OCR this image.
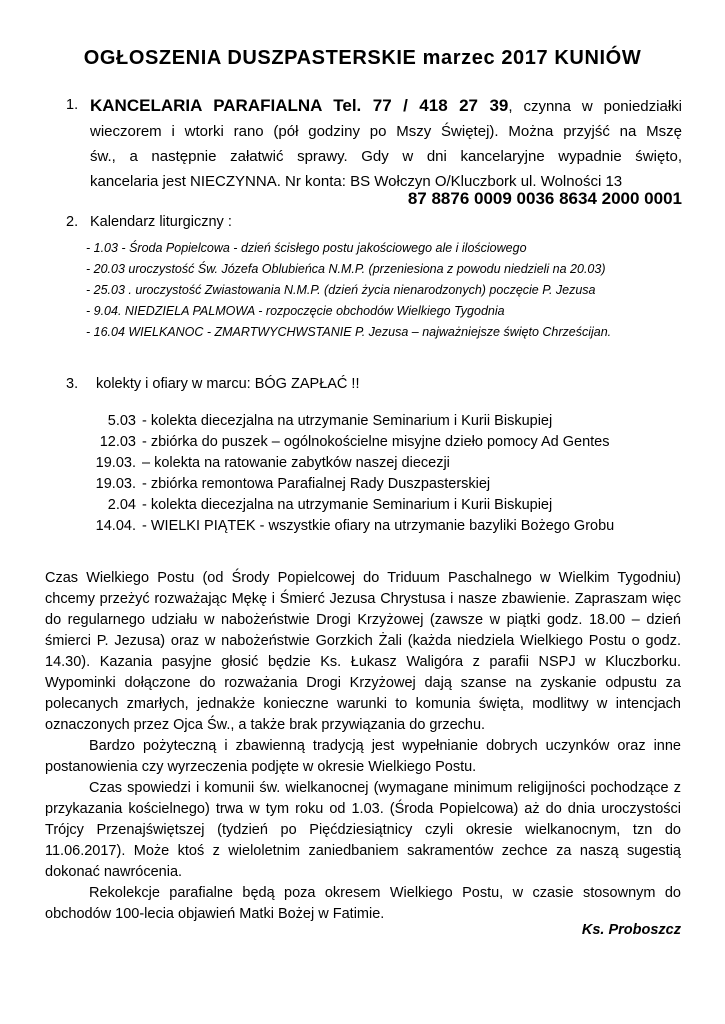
OGŁOSZENIA DUSZPASTERSKIE marzec 2017 KUNIÓW
1. KANCELARIA PARAFIALNA Tel. 77 / 418 27 39, czynna w poniedziałki
wieczorem i wtorki rano (pół godziny po Mszy Świętej). Można przyjść na Mszę
św., a następnie załatwić sprawy. Gdy w dni kancelaryjne wypadnie święto,
kancelaria jest NIECZYNNA. Nr konta: BS Wołczyn O/Kluczbork ul. Wolności 13
87 8876 0009 0036 8634 2000 0001
2. Kalendarz liturgiczny :
- 1.03 - Środa Popielcowa - dzień ścisłego postu jakościowego ale i ilościowego
- 20.03 uroczystość Św. Józefa Oblubieńca N.M.P. (przeniesiona z powodu niedzieli na 20.03)
- 25.03 . uroczystość Zwiastowania N.M.P. (dzień życia nienarodzonych) poczęcie P. Jezusa
- 9.04. NIEDZIELA PALMOWA - rozpoczęcie obchodów Wielkiego Tygodnia
- 16.04 WIELKANOC - ZMARTWYCHWSTANIE P. Jezusa – najważniejsze święto Chrześcijan.
3. kolekty i ofiary w marcu: BÓG ZAPŁAĆ !!
5.03 - kolekta diecezjalna na utrzymanie Seminarium i Kurii Biskupiej
12.03 - zbiórka do puszek – ogólnokościelne misyjne dzieło pomocy Ad Gentes
19.03. – kolekta na ratowanie zabytków naszej diecezji
19.03. - zbiórka remontowa Parafialnej Rady Duszpasterskiej
2.04 - kolekta diecezjalna na utrzymanie Seminarium i Kurii Biskupiej
14.04. - WIELKI PIĄTEK - wszystkie ofiary na utrzymanie bazyliki Bożego Grobu

Czas Wielkiego Postu (od Środy Popielcowej do Triduum Paschalnego w Wielkim Tygodniu) chcemy przeżyć rozważając Mękę i Śmierć Jezusa Chrystusa i nasze zbawienie. Zapraszam więc do regularnego udziału w nabożeństwie Drogi Krzyżowej (zawsze w piątki godz. 18.00 – dzień śmierci P. Jezusa) oraz w nabożeństwie Gorzkich Żali (każda niedziela Wielkiego Postu o godz. 14.30). Kazania pasyjne głosić będzie Ks. Łukasz Waligóra z parafii NSPJ w Kluczborku. Wypominki dołączone do rozważania Drogi Krzyżowej dają szanse na zyskanie odpustu za polecanych zmarłych, jednakże konieczne warunki to komunia święta, modlitwy w intencjach oznaczonych przez Ojca Św., a także brak przywiązania do grzechu.

Bardzo pożyteczną i zbawienną tradycją jest wypełnianie dobrych uczynków oraz inne postanowienia czy wyrzeczenia podjęte w okresie Wielkiego Postu.

Czas spowiedzi i komunii św. wielkanocnej (wymagane minimum religijności pochodzące z przykazania kościelnego) trwa w tym roku od 1.03. (Środa Popielcowa) aż do dnia uroczystości Trójcy Przenajświętszej (tydzień po Pięćdziesiątnicy czyli okresie wielkanocnym, tzn do 11.06.2017). Może ktoś z wieloletnim zaniedbaniem sakramentów zechce za naszą sugestią dokonać nawrócenia.

Rekolekcje parafialne będą poza okresem Wielkiego Postu, w czasie stosownym do obchodów 100-lecia objawień Matki Bożej w Fatimie.

Ks. Proboszcz
